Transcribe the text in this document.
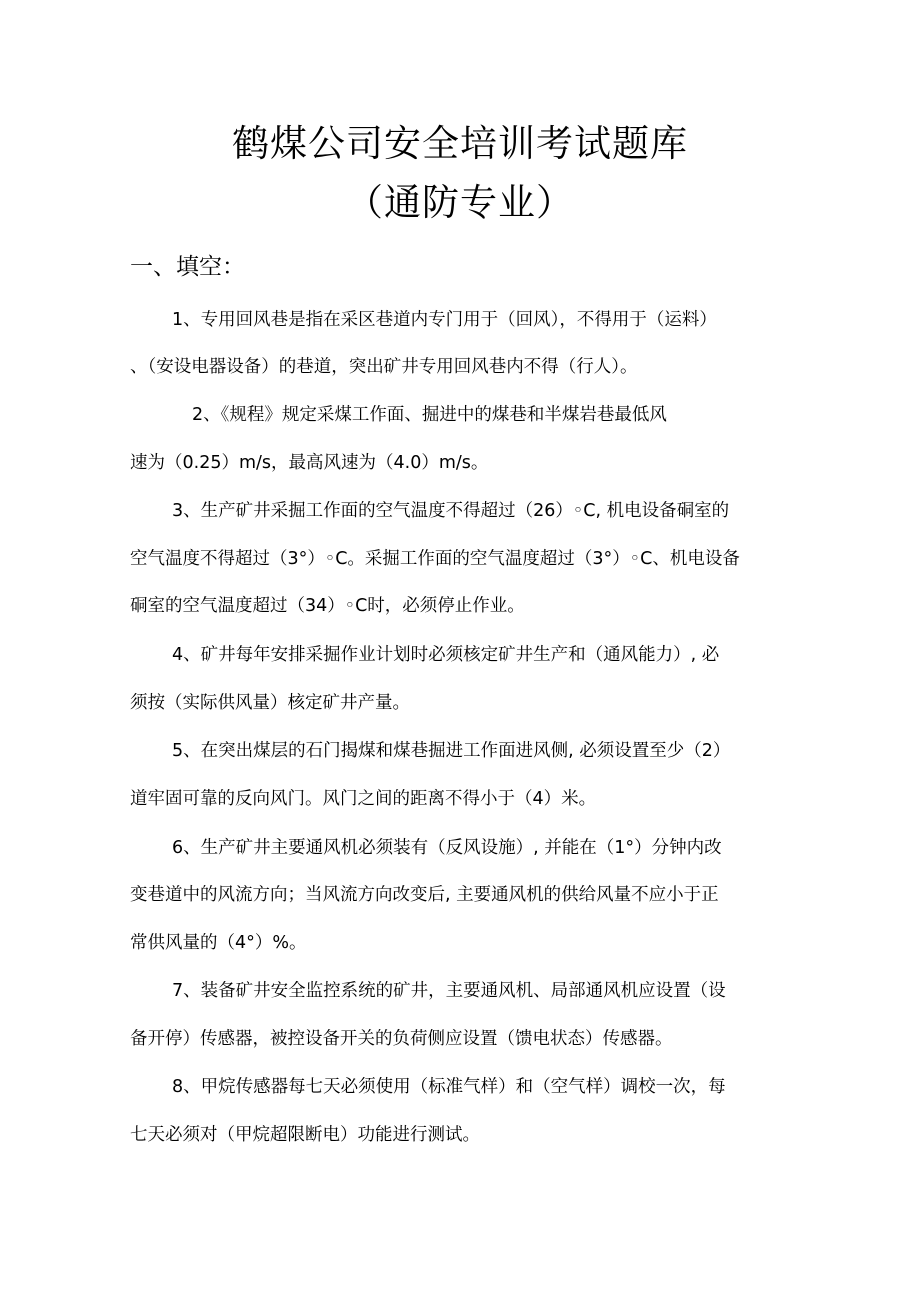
鹤煤公司安全培训考试题库
（通防专业）
一、填空：
1、专用回风巷是指在采区巷道内专门用于（回风），不得用于（运料）
、（安设电器设备）的巷道，突出矿井专用回风巷内不得（行人）。
2、《规程》规定采煤工作面、掘进中的煤巷和半煤岩巷最低风
速为（0.25）m/s，最高风速为（4.0）m/s。
3、生产矿井采掘工作面的空气温度不得超过（26）◦C, 机电设备硐室的
空气温度不得超过（3°）◦C。采掘工作面的空气温度超过（3°）◦C、机电设备
硐室的空气温度超过（34）◦C时，必须停止作业。
4、矿井每年安排采掘作业计划时必须核定矿井生产和（通风能力）, 必
须按（实际供风量）核定矿井产量。
5、在突出煤层的石门揭煤和煤巷掘进工作面进风侧, 必须设置至少（2）
道牢固可靠的反向风门。风门之间的距离不得小于（4）米。
6、生产矿井主要通风机必须装有（反风设施）, 并能在（1°）分钟内改
变巷道中的风流方向；当风流方向改变后, 主要通风机的供给风量不应小于正
常供风量的（4°）%。
7、装备矿井安全监控系统的矿井，主要通风机、局部通风机应设置（设
备开停）传感器，被控设备开关的负荷侧应设置（馈电状态）传感器。
8、甲烷传感器每七天必须使用（标准气样）和（空气样）调校一次，每
七天必须对（甲烷超限断电）功能进行测试。
